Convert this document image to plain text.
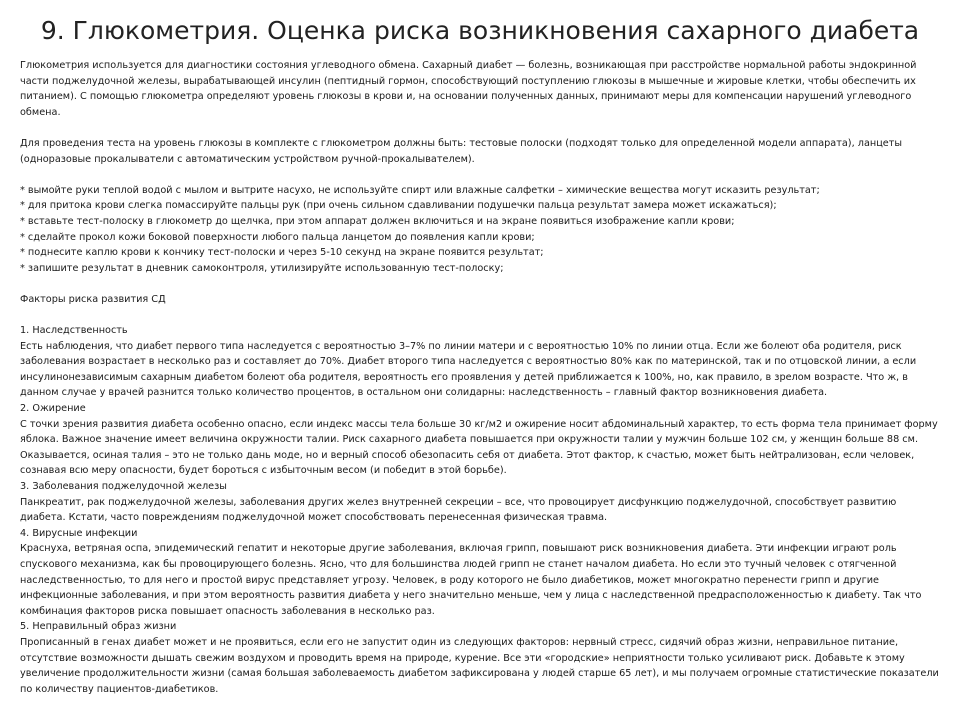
9. Глюкометрия. Оценка риска возникновения сахарного диабета

Глюкометрия используется для диагностики состояния углеводного обмена. Сахарный диабет — болезнь, возникающая при расстройстве нормальной работы эндокринной части поджелудочной железы, вырабатывающей инсулин (пептидный гормон, способствующий поступлению глюкозы в мышечные и жировые клетки, чтобы обеспечить их питанием). С помощью глюкометра определяют уровень глюкозы в крови и, на основании полученных данных, принимают меры для компенсации нарушений углеводного обмена.

Для проведения теста на уровень глюкозы в комплекте с глюкометром должны быть: тестовые полоски (подходят только для определенной модели аппарата), ланцеты (одноразовые прокалыватели с автоматическим устройством ручной-прокалывателем).

* вымойте руки теплой водой с мылом и вытрите насухо, не используйте спирт или влажные салфетки – химические вещества могут исказить результат;

* для притока крови слегка помассируйте пальцы рук (при очень сильном сдавливании подушечки пальца результат замера может искажаться);

* вставьте тест-полоску в глюкометр до щелчка, при этом аппарат должен включиться и на экране появиться изображение капли крови;

* сделайте прокол кожи боковой поверхности любого пальца ланцетом до появления капли крови;

* поднесите каплю крови к кончику тест-полоски и через 5-10 секунд на экране появится результат;

* запишите результат в дневник самоконтроля, утилизируйте использованную тест-полоску;

Факторы риска развития СД

1. Наследственность

Есть наблюдения, что диабет первого типа наследуется с вероятностью 3–7% по линии матери и с вероятностью 10% по линии отца. Если же болеют оба родителя, риск заболевания возрастает в несколько раз и составляет до 70%. Диабет второго типа наследуется с вероятностью 80% как по материнской, так и по отцовской линии, а если инсулинонезависимым сахарным диабетом болеют оба родителя, вероятность его проявления у детей приближается к 100%, но, как правило, в зрелом возрасте. Что ж, в данном случае у врачей разнится только количество процентов, в остальном они солидарны: наследственность – главный фактор возникновения диабета.

2. Ожирение

С точки зрения развития диабета особенно опасно, если индекс массы тела больше 30 кг/м2 и ожирение носит абдоминальный характер, то есть форма тела принимает форму яблока. Важное значение имеет величина окружности талии. Риск сахарного диабета повышается при окружности талии у мужчин больше 102 см, у женщин больше 88 см. Оказывается, осиная талия – это не только дань моде, но и верный способ обезопасить себя от диабета. Этот фактор, к счастью, может быть нейтрализован, если человек, сознавая всю меру опасности, будет бороться с избыточным весом (и победит в этой борьбе).

3. Заболевания поджелудочной железы

Панкреатит, рак поджелудочной железы, заболевания других желез внутренней секреции – все, что провоцирует дисфункцию поджелудочной, способствует развитию диабета. Кстати, часто повреждениям поджелудочной может способствовать перенесенная физическая травма.

4. Вирусные инфекции

Краснуха, ветряная оспа, эпидемический гепатит и некоторые другие заболевания, включая грипп, повышают риск возникновения диабета. Эти инфекции играют роль спускового механизма, как бы провоцирующего болезнь. Ясно, что для большинства людей грипп не станет началом диабета. Но если это тучный человек с отягченной наследственностью, то для него и простой вирус представляет угрозу. Человек, в роду которого не было диабетиков, может многократно перенести грипп и другие инфекционные заболевания, и при этом вероятность развития диабета у него значительно меньше, чем у лица с наследственной предрасположенностью к диабету. Так что комбинация факторов риска повышает опасность заболевания в несколько раз.

5. Неправильный образ жизни

Прописанный в генах диабет может и не проявиться, если его не запустит один из следующих факторов: нервный стресс, сидячий образ жизни, неправильное питание, отсутствие возможности дышать свежим воздухом и проводить время на природе, курение. Все эти «городские» неприятности только усиливают риск. Добавьте к этому увеличение продолжительности жизни (самая большая заболеваемость диабетом зафиксирована у людей старше 65 лет), и мы получаем огромные статистические показатели по количеству пациентов-диабетиков.
